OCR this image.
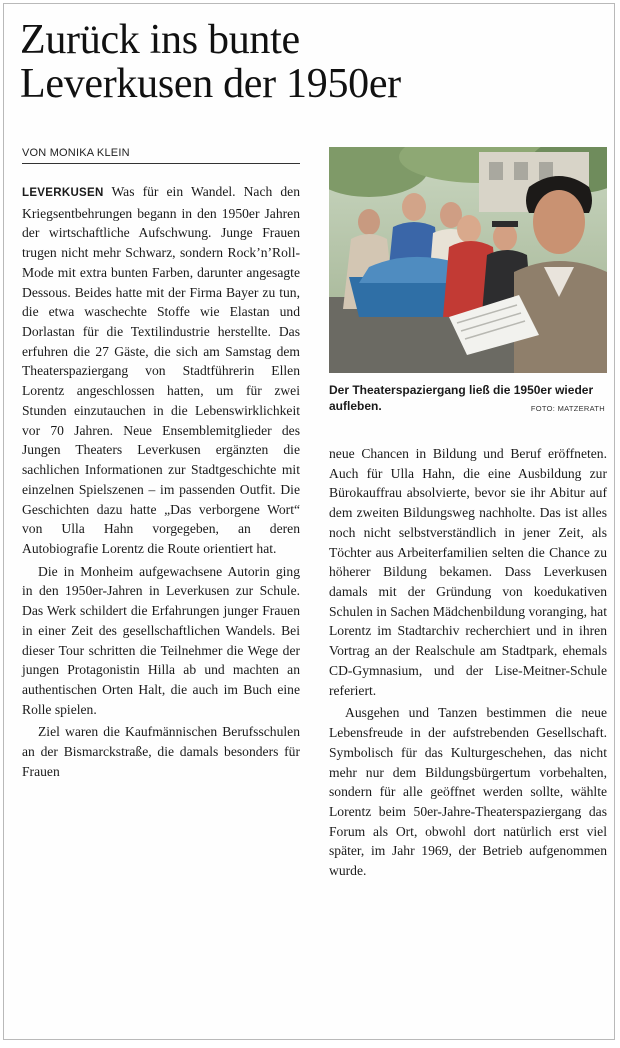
Zurück ins bunte
Leverkusen der 1950er
VON MONIKA KLEIN

LEVERKUSEN Was für ein Wandel. Nach den Kriegsentbehrungen begann in den 1950er Jahren der wirtschaftliche Aufschwung. Junge Frauen trugen nicht mehr Schwarz, sondern Rock’n’Roll-Mode mit extra bunten Farben, darunter angesagte Dessous. Beides hatte mit der Firma Bayer zu tun, die etwa waschechte Stoffe wie Elastan und Dorlastan für die Textilindustrie herstellte. Das erfuhren die 27 Gäste, die sich am Samstag dem Theaterspaziergang von Stadtführerin Ellen Lorentz angeschlossen hatten, um für zwei Stunden einzutauchen in die Lebenswirklichkeit vor 70 Jahren. Neue Ensemblemitglieder des Jungen Theaters Leverkusen ergänzten die sachlichen Informationen zur Stadtgeschichte mit einzelnen Spielszenen – im passenden Outfit. Die Geschichten dazu hatte „Das verborgene Wort“ von Ulla Hahn vorgegeben, an deren Autobiografie Lorentz die Route orientiert hat.

Die in Monheim aufgewachsene Autorin ging in den 1950er-Jahren in Leverkusen zur Schule. Das Werk schildert die Erfahrungen junger Frauen in einer Zeit des gesellschaftlichen Wandels. Bei dieser Tour schritten die Teilnehmer die Wege der jungen Protagonistin Hilla ab und machten an authentischen Orten Halt, die auch im Buch eine Rolle spielen.

Ziel waren die Kaufmännischen Berufsschulen an der Bismarckstraße, die damals besonders für Frauen

Der Theaterspaziergang ließ die 1950er wieder aufleben.	FOTO: MATZERATH

neue Chancen in Bildung und Beruf eröffneten. Auch für Ulla Hahn, die eine Ausbildung zur Bürokauffrau absolvierte, bevor sie ihr Abitur auf dem zweiten Bildungsweg nachholte. Das ist alles noch nicht selbstverständlich in jener Zeit, als Töchter aus Arbeiterfamilien selten die Chance zu höherer Bildung bekamen. Dass Leverkusen damals mit der Gründung von koedukativen Schulen in Sachen Mädchenbildung voranging, hat Lorentz im Stadtarchiv recherchiert und in ihren Vortrag an der Realschule am Stadtpark, ehemals CD-Gymnasium, und der Lise-Meitner-Schule referiert.

Ausgehen und Tanzen bestimmen die neue Lebensfreude in der aufstrebenden Gesellschaft. Symbolisch für das Kulturgeschehen, das nicht mehr nur dem Bildungsbürgertum vorbehalten, sondern für alle geöffnet werden sollte, wählte Lorentz beim 50er-Jahre-Theaterspaziergang das Forum als Ort, obwohl dort natürlich erst viel später, im Jahr 1969, der Betrieb aufgenommen wurde.
